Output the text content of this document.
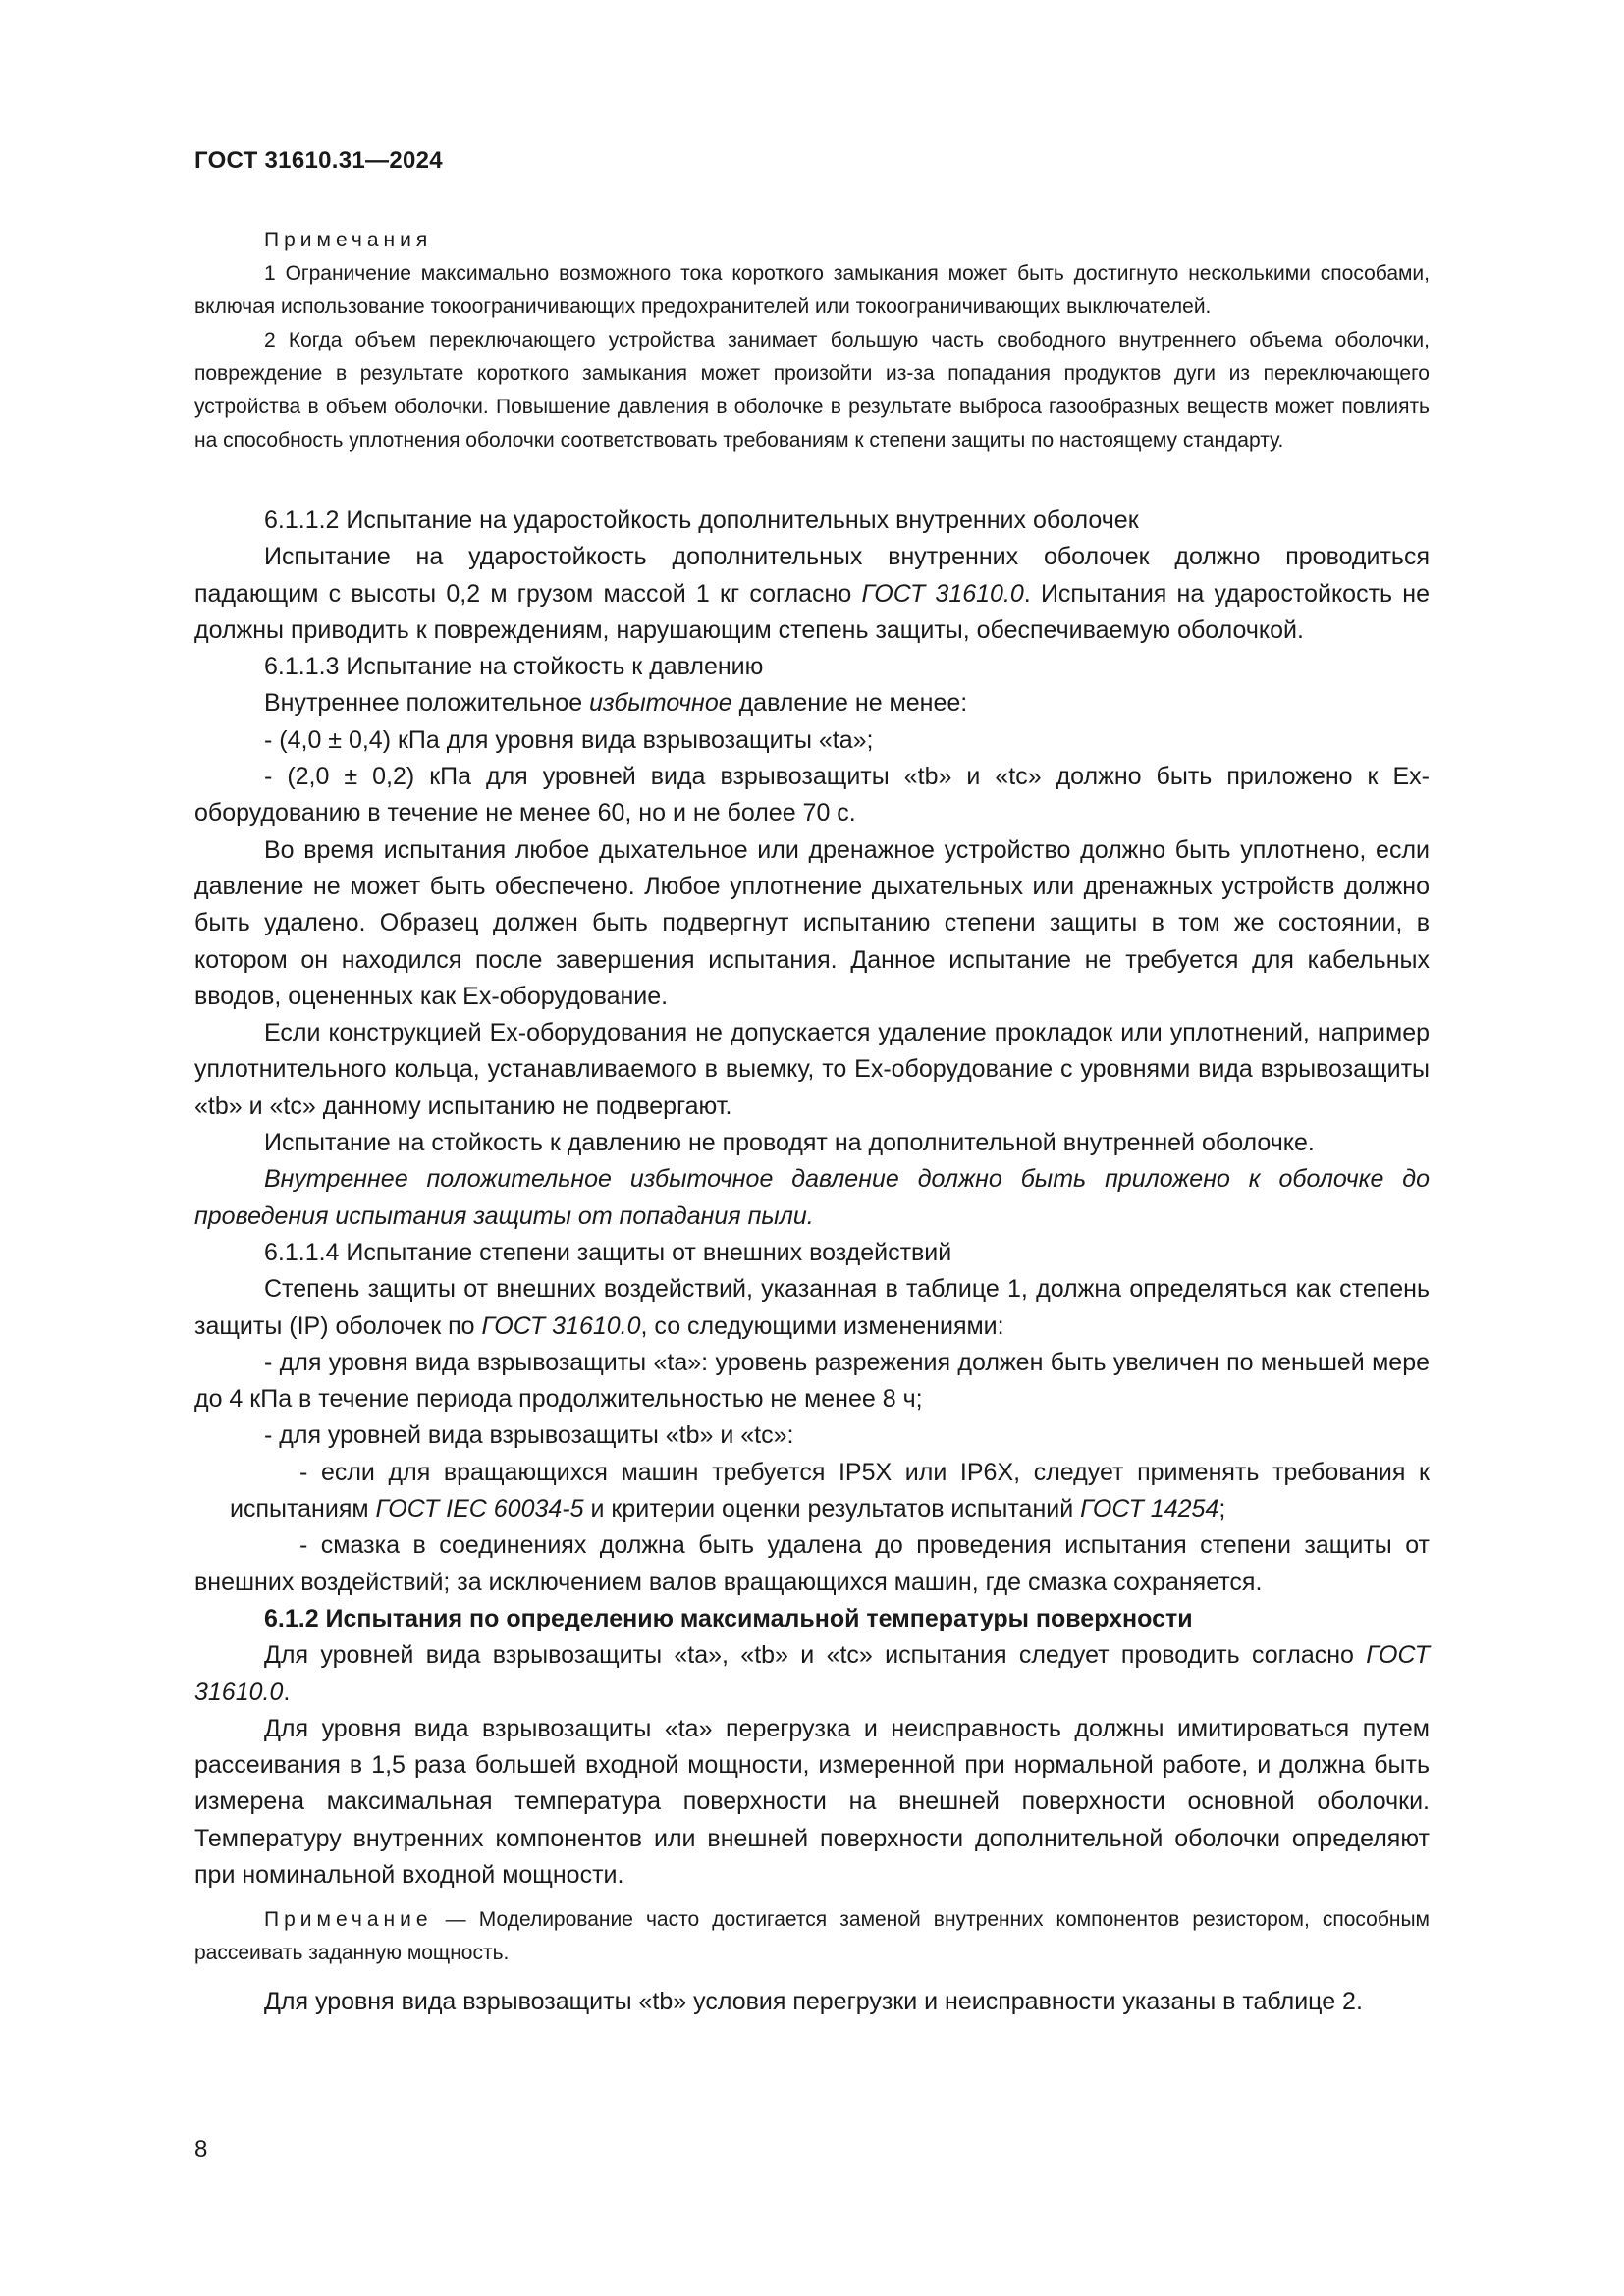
ГОСТ 31610.31—2024

Примечания

1 Ограничение максимально возможного тока короткого замыкания может быть достигнуто несколькими способами, включая использование токоограничивающих предохранителей или токоограничивающих выключателей.

2 Когда объем переключающего устройства занимает большую часть свободного внутреннего объема оболочки, повреждение в результате короткого замыкания может произойти из-за попадания продуктов дуги из переключающего устройства в объем оболочки. Повышение давления в оболочке в результате выброса газообразных веществ может повлиять на способность уплотнения оболочки соответствовать требованиям к степени защиты по настоящему стандарту.

6.1.1.2 Испытание на ударостойкость дополнительных внутренних оболочек

Испытание на ударостойкость дополнительных внутренних оболочек должно проводиться падающим с высоты 0,2 м грузом массой 1 кг согласно ГОСТ 31610.0. Испытания на ударостойкость не должны приводить к повреждениям, нарушающим степень защиты, обеспечиваемую оболочкой.

6.1.1.3 Испытание на стойкость к давлению

Внутреннее положительное избыточное давление не менее:

- (4,0 ± 0,4) кПа для уровня вида взрывозащиты «ta»;

- (2,0 ± 0,2) кПа для уровней вида взрывозащиты «tb» и «tc» должно быть приложено к Ex-оборудованию в течение не менее 60, но и не более 70 с.

Во время испытания любое дыхательное или дренажное устройство должно быть уплотнено, если давление не может быть обеспечено. Любое уплотнение дыхательных или дренажных устройств должно быть удалено. Образец должен быть подвергнут испытанию степени защиты в том же состоянии, в котором он находился после завершения испытания. Данное испытание не требуется для кабельных вводов, оцененных как Ex-оборудование.

Если конструкцией Ex-оборудования не допускается удаление прокладок или уплотнений, например уплотнительного кольца, устанавливаемого в выемку, то Ex-оборудование с уровнями вида взрывозащиты «tb» и «tc» данному испытанию не подвергают.

Испытание на стойкость к давлению не проводят на дополнительной внутренней оболочке.

Внутреннее положительное избыточное давление должно быть приложено к оболочке до проведения испытания защиты от попадания пыли.

6.1.1.4 Испытание степени защиты от внешних воздействий

Степень защиты от внешних воздействий, указанная в таблице 1, должна определяться как степень защиты (IP) оболочек по ГОСТ 31610.0, со следующими изменениями:

- для уровня вида взрывозащиты «ta»: уровень разрежения должен быть увеличен по меньшей мере до 4 кПа в течение периода продолжительностью не менее 8 ч;

- для уровней вида взрывозащиты «tb» и «tc»:

- если для вращающихся машин требуется IP5X или IP6X, следует применять требования к испытаниям ГОСТ IEC 60034-5 и критерии оценки результатов испытаний ГОСТ 14254;

- смазка в соединениях должна быть удалена до проведения испытания степени защиты от внешних воздействий; за исключением валов вращающихся машин, где смазка сохраняется.

6.1.2 Испытания по определению максимальной температуры поверхности

Для уровней вида взрывозащиты «ta», «tb» и «tc» испытания следует проводить согласно ГОСТ 31610.0.

Для уровня вида взрывозащиты «ta» перегрузка и неисправность должны имитироваться путем рассеивания в 1,5 раза большей входной мощности, измеренной при нормальной работе, и должна быть измерена максимальная температура поверхности на внешней поверхности основной оболочки. Температуру внутренних компонентов или внешней поверхности дополнительной оболочки определяют при номинальной входной мощности.

Примечание — Моделирование часто достигается заменой внутренних компонентов резистором, способным рассеивать заданную мощность.

Для уровня вида взрывозащиты «tb» условия перегрузки и неисправности указаны в таблице 2.

8
